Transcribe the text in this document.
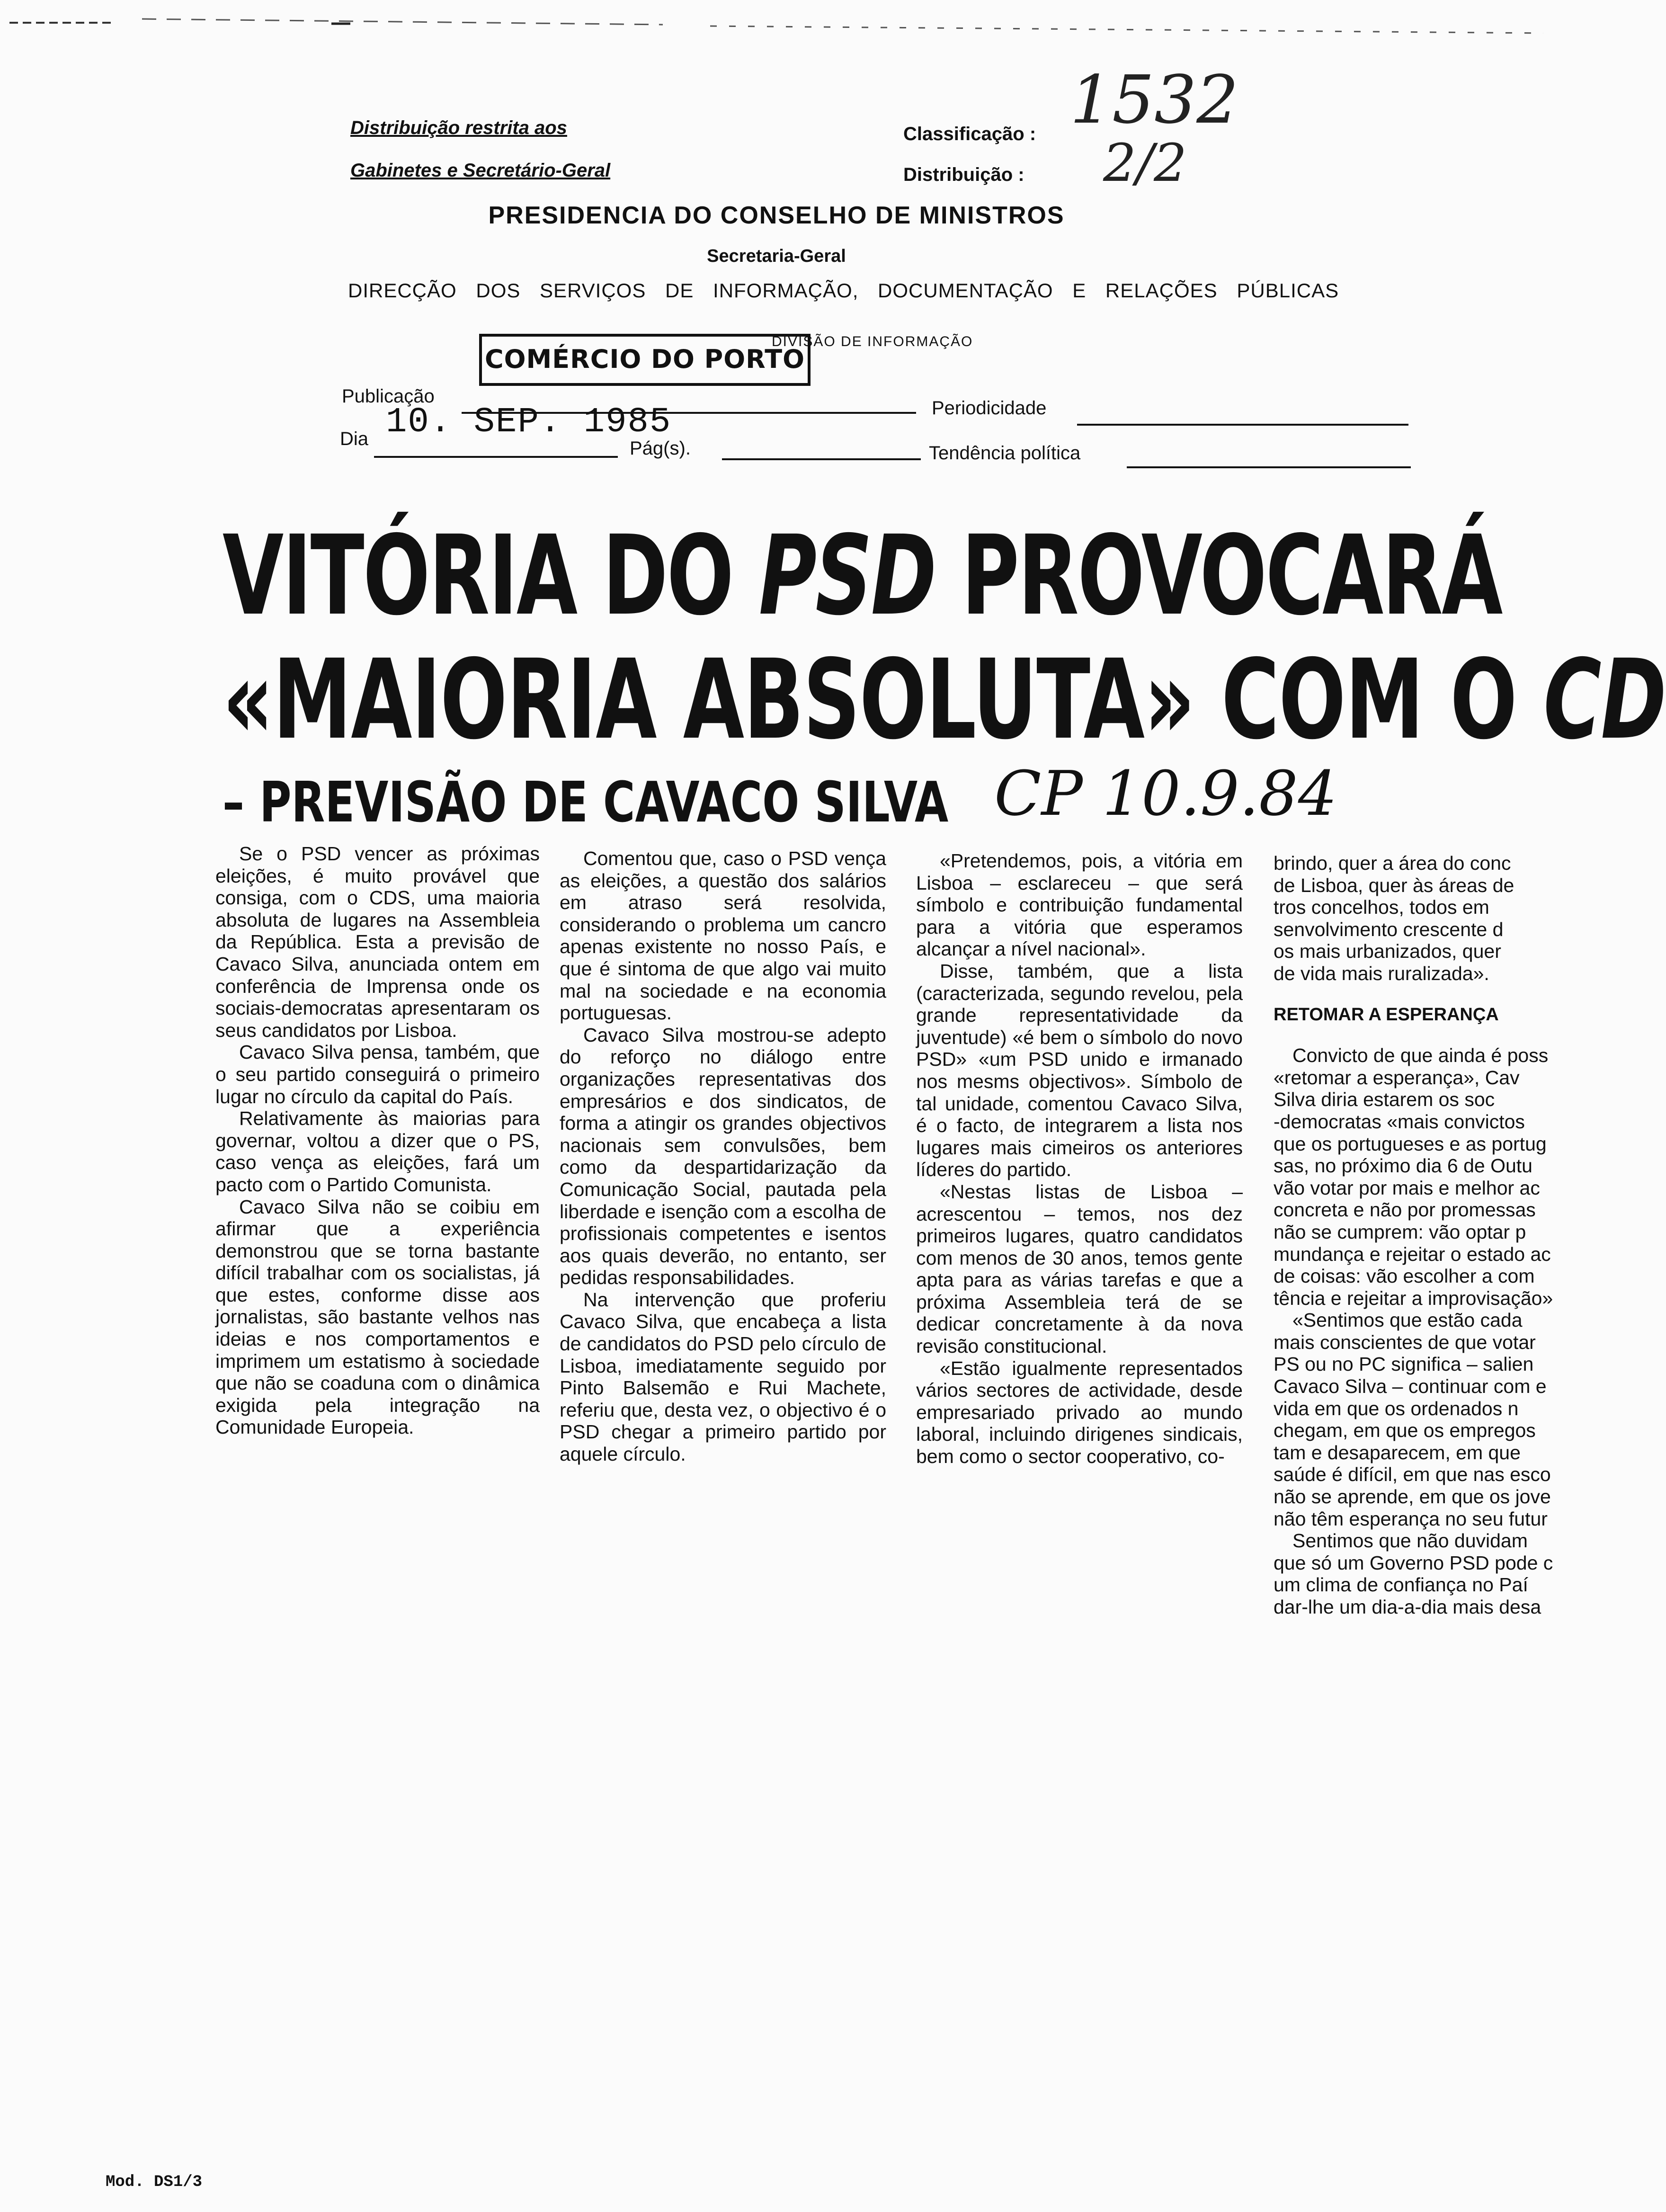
Distribuição restrita aos
Gabinetes e Secretário-Geral
Classificação :
Distribuição :
1532
2/2
PRESIDENCIA DO CONSELHO DE MINISTROS
Secretaria-Geral
DIRECÇÃO DOS SERVIÇOS DE INFORMAÇÃO, DOCUMENTAÇÃO E RELAÇÕES PÚBLICAS
DIVISÃO DE INFORMAÇÃO
COMÉRCIO DO PORTO
Publicação
Dia 10. SEP. 1985
Pág(s).
Periodicidade
Tendência política
VITÓRIA DO PSD PROVOCARÁ
«MAIORIA ABSOLUTA» COM O CD
– PREVISÃO DE CAVACO SILVA CP 10.9.84

Se o PSD vencer as próximas eleições, é muito provável que consiga, com o CDS, uma maioria absoluta de lugares na Assembleia da República. Esta a previsão de Cavaco Silva, anunciada ontem em conferência de Imprensa onde os sociais-democratas apresentaram os seus candidatos por Lisboa.

Cavaco Silva pensa, também, que o seu partido conseguirá o primeiro lugar no círculo da capital do País.

Relativamente às maiorias para governar, voltou a dizer que o PS, caso vença as eleições, fará um pacto com o Partido Comunista.

Cavaco Silva não se coibiu em afirmar que a experiência demonstrou que se torna bastante difícil trabalhar com os socialistas, já que estes, conforme disse aos jornalistas, são bastante velhos nas ideias e nos comportamentos e imprimem um estatismo à sociedade que não se coaduna com o dinâmica exigida pela integração na Comunidade Europeia.

Comentou que, caso o PSD vença as eleições, a questão dos salários em atraso será resolvida, considerando o problema um cancro apenas existente no nosso País, e que é sintoma de que algo vai muito mal na sociedade e na economia portuguesas.

Cavaco Silva mostrou-se adepto do reforço no diálogo entre organizações representativas dos empresários e dos sindicatos, de forma a atingir os grandes objectivos nacionais sem convulsões, bem como da despartidarização da Comunicação Social, pautada pela liberdade e isenção com a escolha de profissionais competentes e isentos aos quais deverão, no entanto, ser pedidas responsabilidades.

Na intervenção que proferiu Cavaco Silva, que encabeça a lista de candidatos do PSD pelo círculo de Lisboa, imediatamente seguido por Pinto Balsemão e Rui Machete, referiu que, desta vez, o objectivo é o PSD chegar a primeiro partido por aquele círculo.

«Pretendemos, pois, a vitória em Lisboa – esclareceu – que será símbolo e contribuição fundamental para a vitória que esperamos alcançar a nível nacional».

Disse, também, que a lista (caracterizada, segundo revelou, pela grande representatividade da juventude) «é bem o símbolo do novo PSD» «um PSD unido e irmanado nos mesms objectivos». Símbolo de tal unidade, comentou Cavaco Silva, é o facto, de integrarem a lista nos lugares mais cimeiros os anteriores líderes do partido.

«Nestas listas de Lisboa – acrescentou – temos, nos dez primeiros lugares, quatro candidatos com menos de 30 anos, temos gente apta para as várias tarefas e que a próxima Assembleia terá de se dedicar concretamente à da nova revisão constitucional.

«Estão igualmente representados vários sectores de actividade, desde empresariado privado ao mundo laboral, incluindo dirigenes sindicais, bem como o sector cooperativo, co-

brindo, quer a área do conc
de Lisboa, quer às áreas de
tros concelhos, todos em
senvolvimento crescente d
os mais urbanizados, quer
de vida mais ruralizada».
RETOMAR A ESPERANÇA
Convicto de que ainda é poss
«retomar a esperança», Cav
Silva diria estarem os soc
-democratas «mais convictos
que os portugueses e as portug
sas, no próximo dia 6 de Outu
vão votar por mais e melhor ac
concreta e não por promessas
não se cumprem: vão optar p
mundança e rejeitar o estado ac
de coisas: vão escolher a com
tência e rejeitar a improvisação»
«Sentimos que estão cada
mais conscientes de que votar
PS ou no PC significa – salien
Cavaco Silva – continuar com e
vida em que os ordenados n
chegam, em que os empregos
tam e desaparecem, em que
saúde é difícil, em que nas esco
não se aprende, em que os jove
não têm esperança no seu futur
Sentimos que não duvidam
que só um Governo PSD pode c
um clima de confiança no Paí
dar-lhe um dia-a-dia mais desa
Mod. DS1/3
